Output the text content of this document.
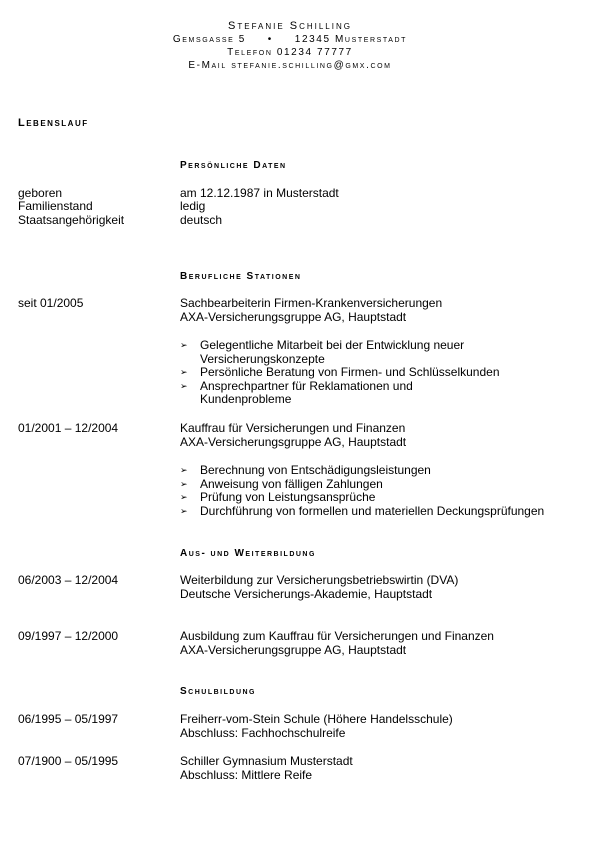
Stefanie Schilling
Gemsgasse 5     •     12345 Musterstadt
Telefon 01234 77777
E-Mail stefanie.schilling@gmx.com
Lebenslauf
Persönliche Daten
geboren	am 12.12.1987 in Musterstadt
Familienstand	ledig
Staatsangehörigkeit	deutsch
Berufliche Stationen
seit 01/2005	Sachbearbeiterin Firmen-Krankenversicherungen
AXA-Versicherungsgruppe AG, Hauptstadt
➢ Gelegentliche Mitarbeit bei der Entwicklung neuer Versicherungskonzepte
➢ Persönliche Beratung von Firmen- und Schlüsselkunden
➢ Ansprechpartner für Reklamationen und Kundenprobleme
01/2001 – 12/2004	Kauffrau für Versicherungen und Finanzen
AXA-Versicherungsgruppe AG, Hauptstadt
➢ Berechnung von Entschädigungsleistungen
➢ Anweisung von fälligen Zahlungen
➢ Prüfung von Leistungsansprüche
➢ Durchführung von formellen und materiellen Deckungsprüfungen
Aus- und Weiterbildung
06/2003 – 12/2004	Weiterbildung zur Versicherungsbetriebswirtin (DVA)
Deutsche Versicherungs-Akademie, Hauptstadt
09/1997 – 12/2000	Ausbildung zum Kauffrau für Versicherungen und Finanzen
AXA-Versicherungsgruppe AG, Hauptstadt
Schulbildung
06/1995 – 05/1997	Freiherr-vom-Stein Schule (Höhere Handelsschule)
Abschluss: Fachhochschulreife
07/1900 – 05/1995	Schiller Gymnasium Musterstadt
Abschluss: Mittlere Reife
